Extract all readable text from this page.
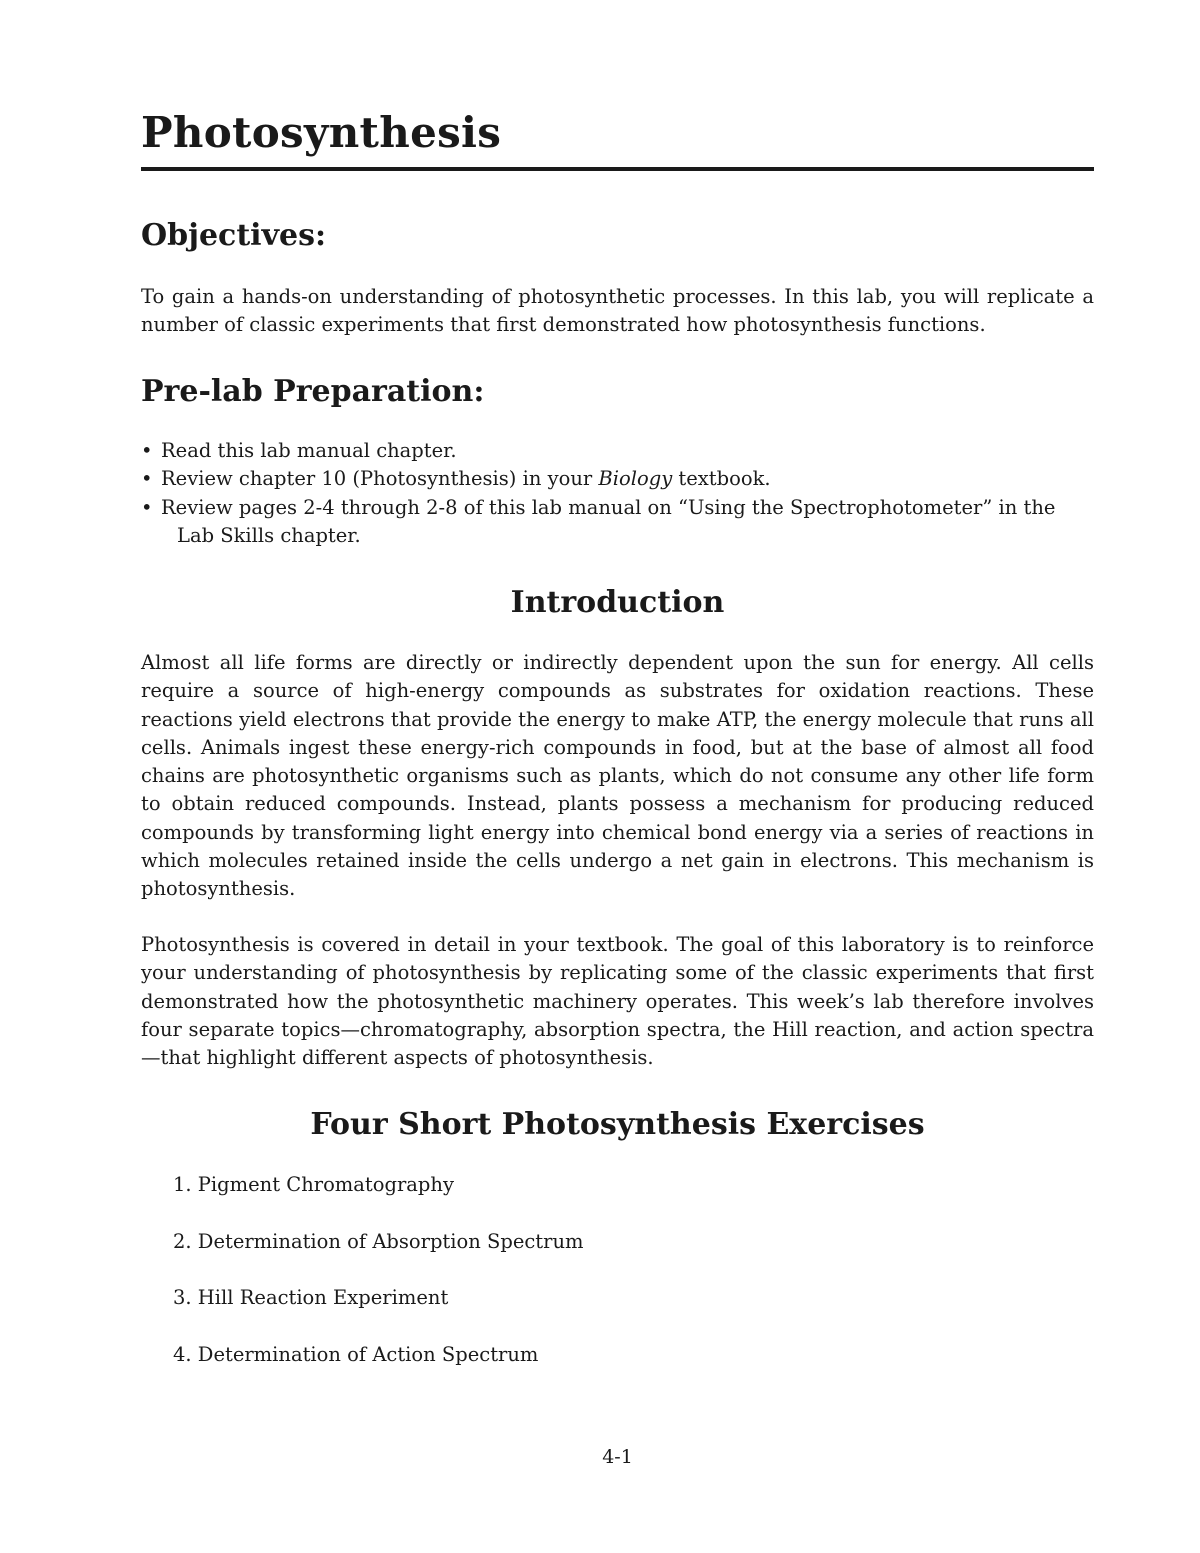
Photosynthesis
Objectives:

To gain a hands-on understanding of photosynthetic processes. In this lab, you will replicate a number of classic experiments that first demonstrated how photosynthesis functions.

Pre-lab Preparation:
• Read this lab manual chapter.
• Review chapter 10 (Photosynthesis) in your Biology textbook.
• Review pages 2-4 through 2-8 of this lab manual on “Using the Spectrophotometer” in the Lab Skills chapter.
Introduction

Almost all life forms are directly or indirectly dependent upon the sun for energy. All cells require a source of high-energy compounds as substrates for oxidation reactions. These reactions yield electrons that provide the energy to make ATP, the energy molecule that runs all cells. Animals ingest these energy-rich compounds in food, but at the base of almost all food chains are photosynthetic organisms such as plants, which do not consume any other life form to obtain reduced compounds. Instead, plants possess a mechanism for producing reduced compounds by transforming light energy into chemical bond energy via a series of reactions in which molecules retained inside the cells undergo a net gain in electrons. This mechanism is photosynthesis.

Photosynthesis is covered in detail in your textbook. The goal of this laboratory is to reinforce your understanding of photosynthesis by replicating some of the classic experiments that first demonstrated how the photosynthetic machinery operates. This week’s lab therefore involves four separate topics—chromatography, absorption spectra, the Hill reaction, and action spectra—that highlight different aspects of photosynthesis.

Four Short Photosynthesis Exercises
1. Pigment Chromatography
2. Determination of Absorption Spectrum
3. Hill Reaction Experiment
4. Determination of Action Spectrum
4-1
